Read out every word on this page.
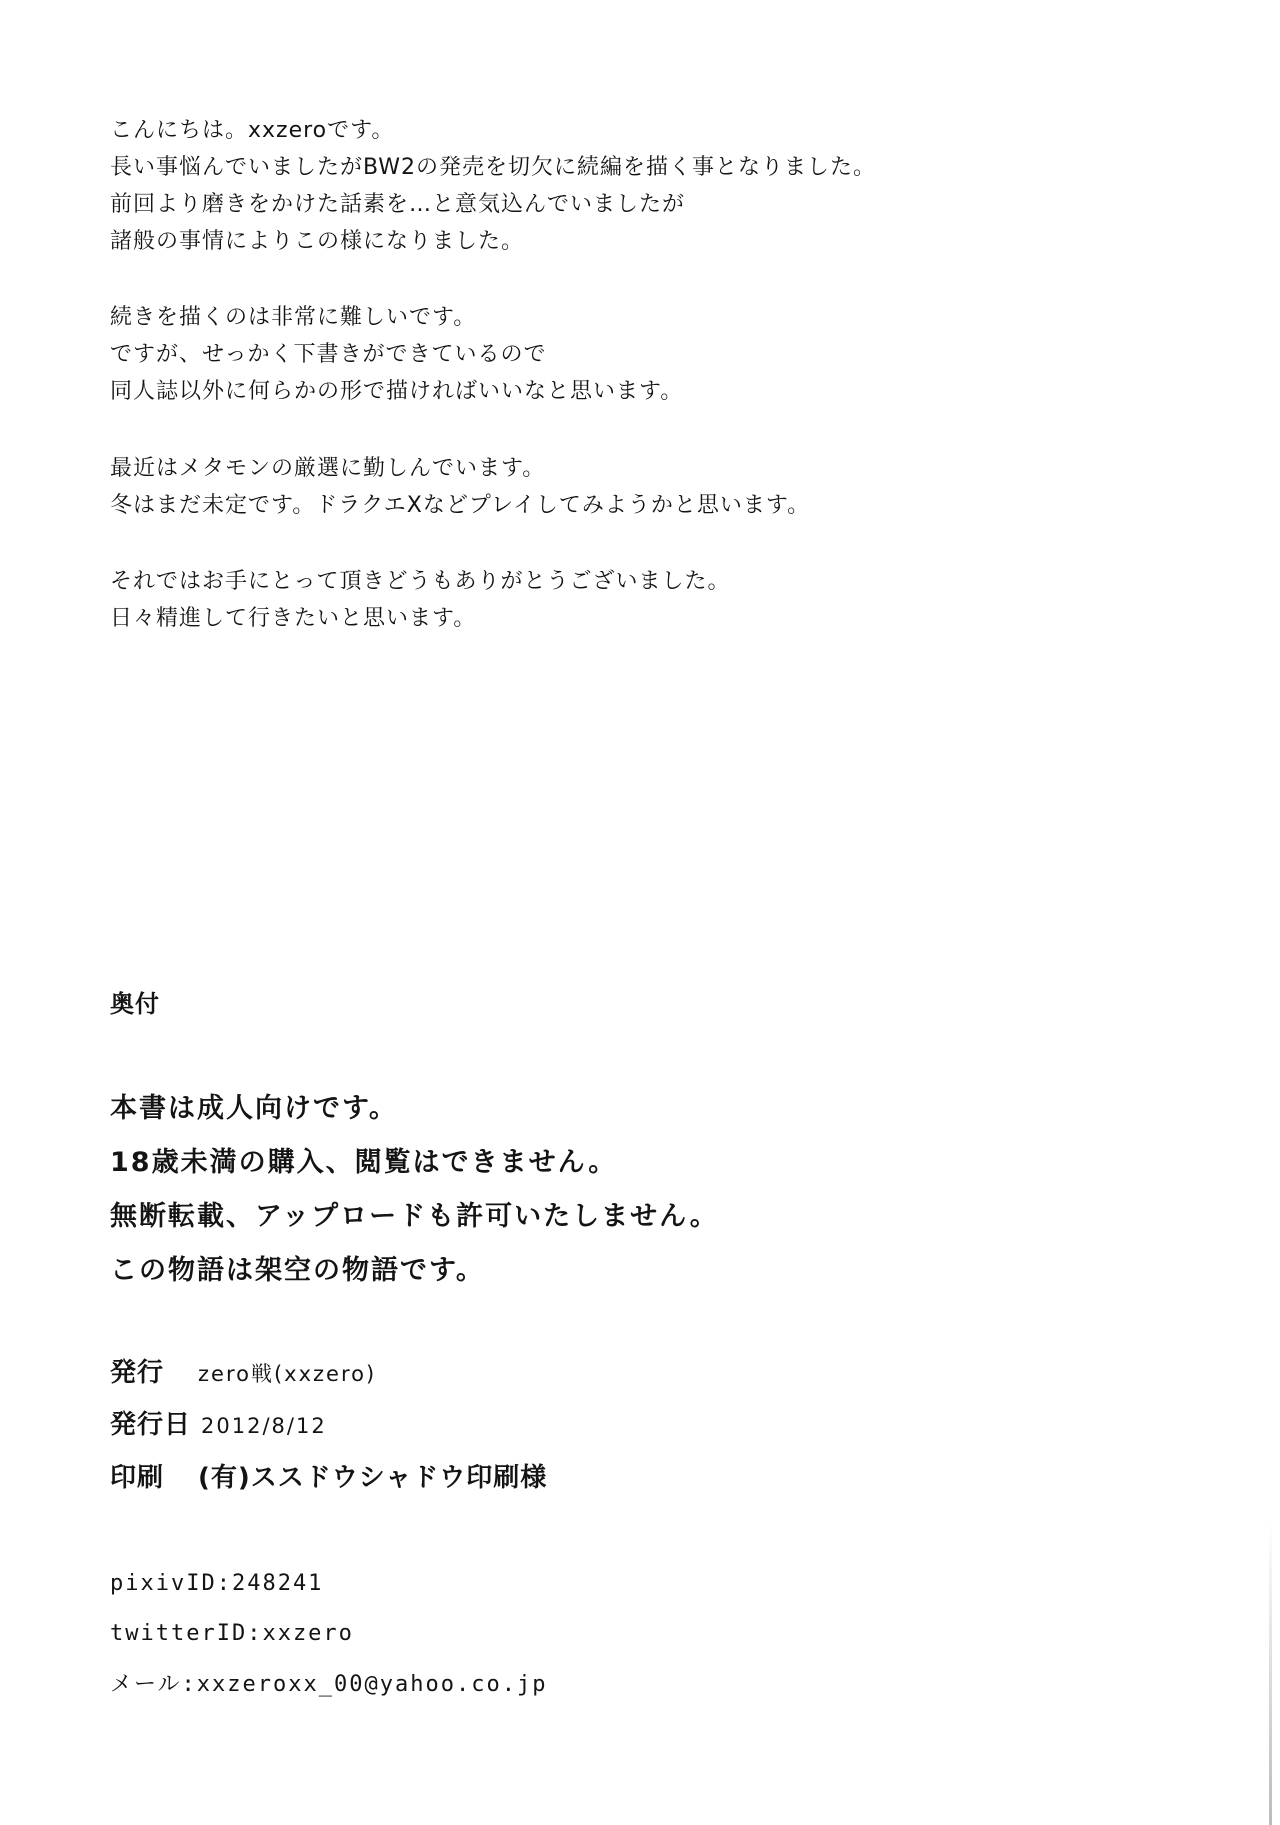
こんにちは。xxzeroです。
長い事悩んでいましたがBW2の発売を切欠に続編を描く事となりました。
前回より磨きをかけた話素を…と意気込んでいましたが
諸般の事情によりこの様になりました。
続きを描くのは非常に難しいです。
ですが、せっかく下書きができているので
同人誌以外に何らかの形で描ければいいなと思います。
最近はメタモンの厳選に勤しんでいます。
冬はまだ未定です。ドラクエXなどプレイしてみようかと思います。
それではお手にとって頂きどうもありがとうございました。
日々精進して行きたいと思います。
奥付
本書は成人向けです。
18歳未満の購入、閲覧はできません。
無断転載、アップロードも許可いたしません。
この物語は架空の物語です。
発行 zero戦(xxzero)
発行日 2012/8/12
印刷 (有)ススドウシャドウ印刷様
pixivID:248241
twitterID:xxzero
メール:xxzeroxx_00@yahoo.co.jp
